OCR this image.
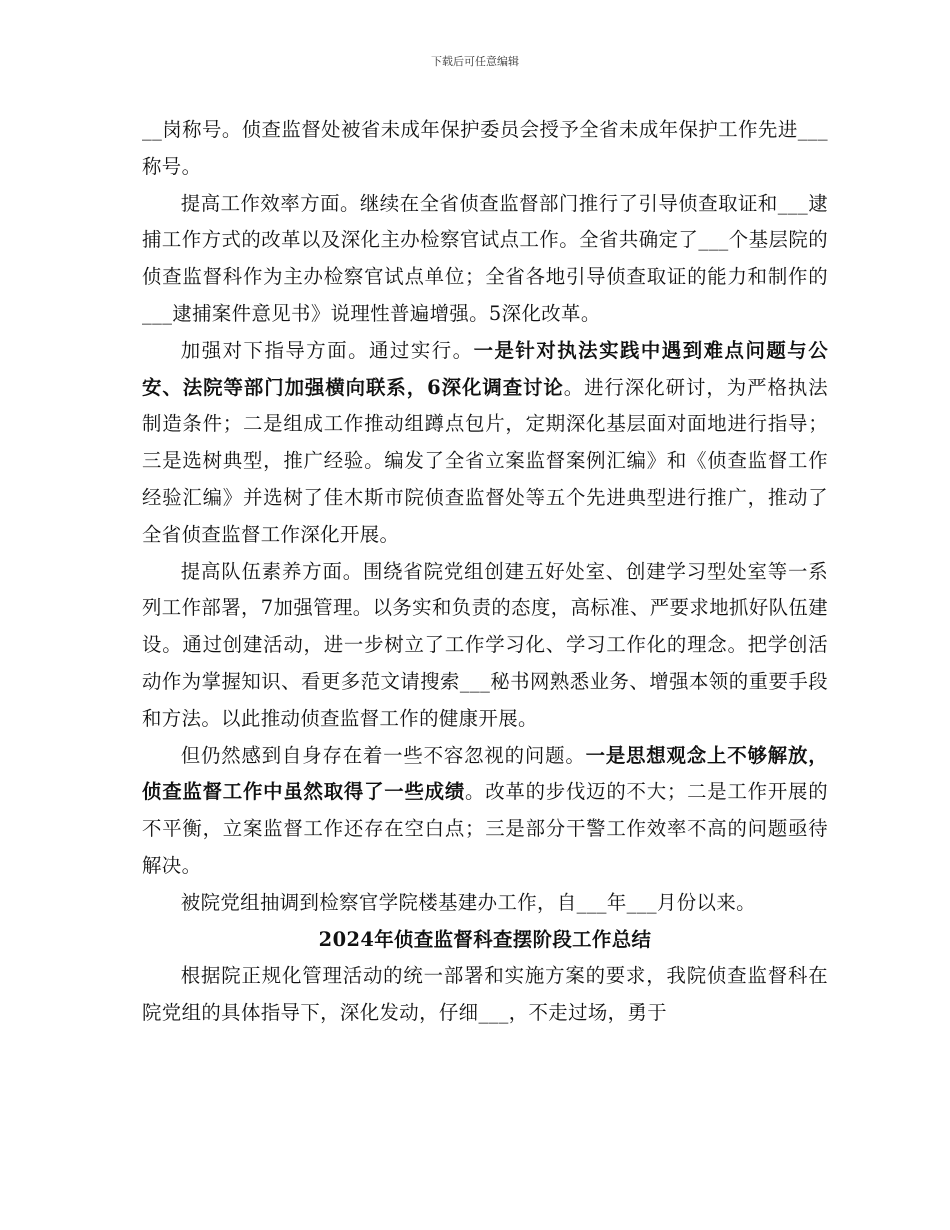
下载后可任意编辑

__岗称号。侦查监督处被省未成年保护委员会授予全省未成年保护工作先进___称号。

提高工作效率方面。继续在全省侦查监督部门推行了引导侦查取证和___逮捕工作方式的改革以及深化主办检察官试点工作。全省共确定了___个基层院的侦查监督科作为主办检察官试点单位；全省各地引导侦查取证的能力和制作的___逮捕案件意见书》说理性普遍增强。5深化改革。

加强对下指导方面。通过实行。一是针对执法实践中遇到难点问题与公安、法院等部门加强横向联系，6深化调查讨论。进行深化研讨，为严格执法制造条件；二是组成工作推动组蹲点包片，定期深化基层面对面地进行指导；三是选树典型，推广经验。编发了全省立案监督案例汇编》和《侦查监督工作经验汇编》并选树了佳木斯市院侦查监督处等五个先进典型进行推广，推动了全省侦查监督工作深化开展。

提高队伍素养方面。围绕省院党组创建五好处室、创建学习型处室等一系列工作部署，7加强管理。以务实和负责的态度，高标准、严要求地抓好队伍建设。通过创建活动，进一步树立了工作学习化、学习工作化的理念。把学创活动作为掌握知识、看更多范文请搜索___秘书网熟悉业务、增强本领的重要手段和方法。以此推动侦查监督工作的健康开展。

但仍然感到自身存在着一些不容忽视的问题。一是思想观念上不够解放，侦查监督工作中虽然取得了一些成绩。改革的步伐迈的不大；二是工作开展的不平衡，立案监督工作还存在空白点；三是部分干警工作效率不高的问题亟待解决。

被院党组抽调到检察官学院楼基建办工作，自___年___月份以来。

2024年侦查监督科查摆阶段工作总结

根据院正规化管理活动的统一部署和实施方案的要求，我院侦查监督科在院党组的具体指导下，深化发动，仔细___，不走过场，勇于
